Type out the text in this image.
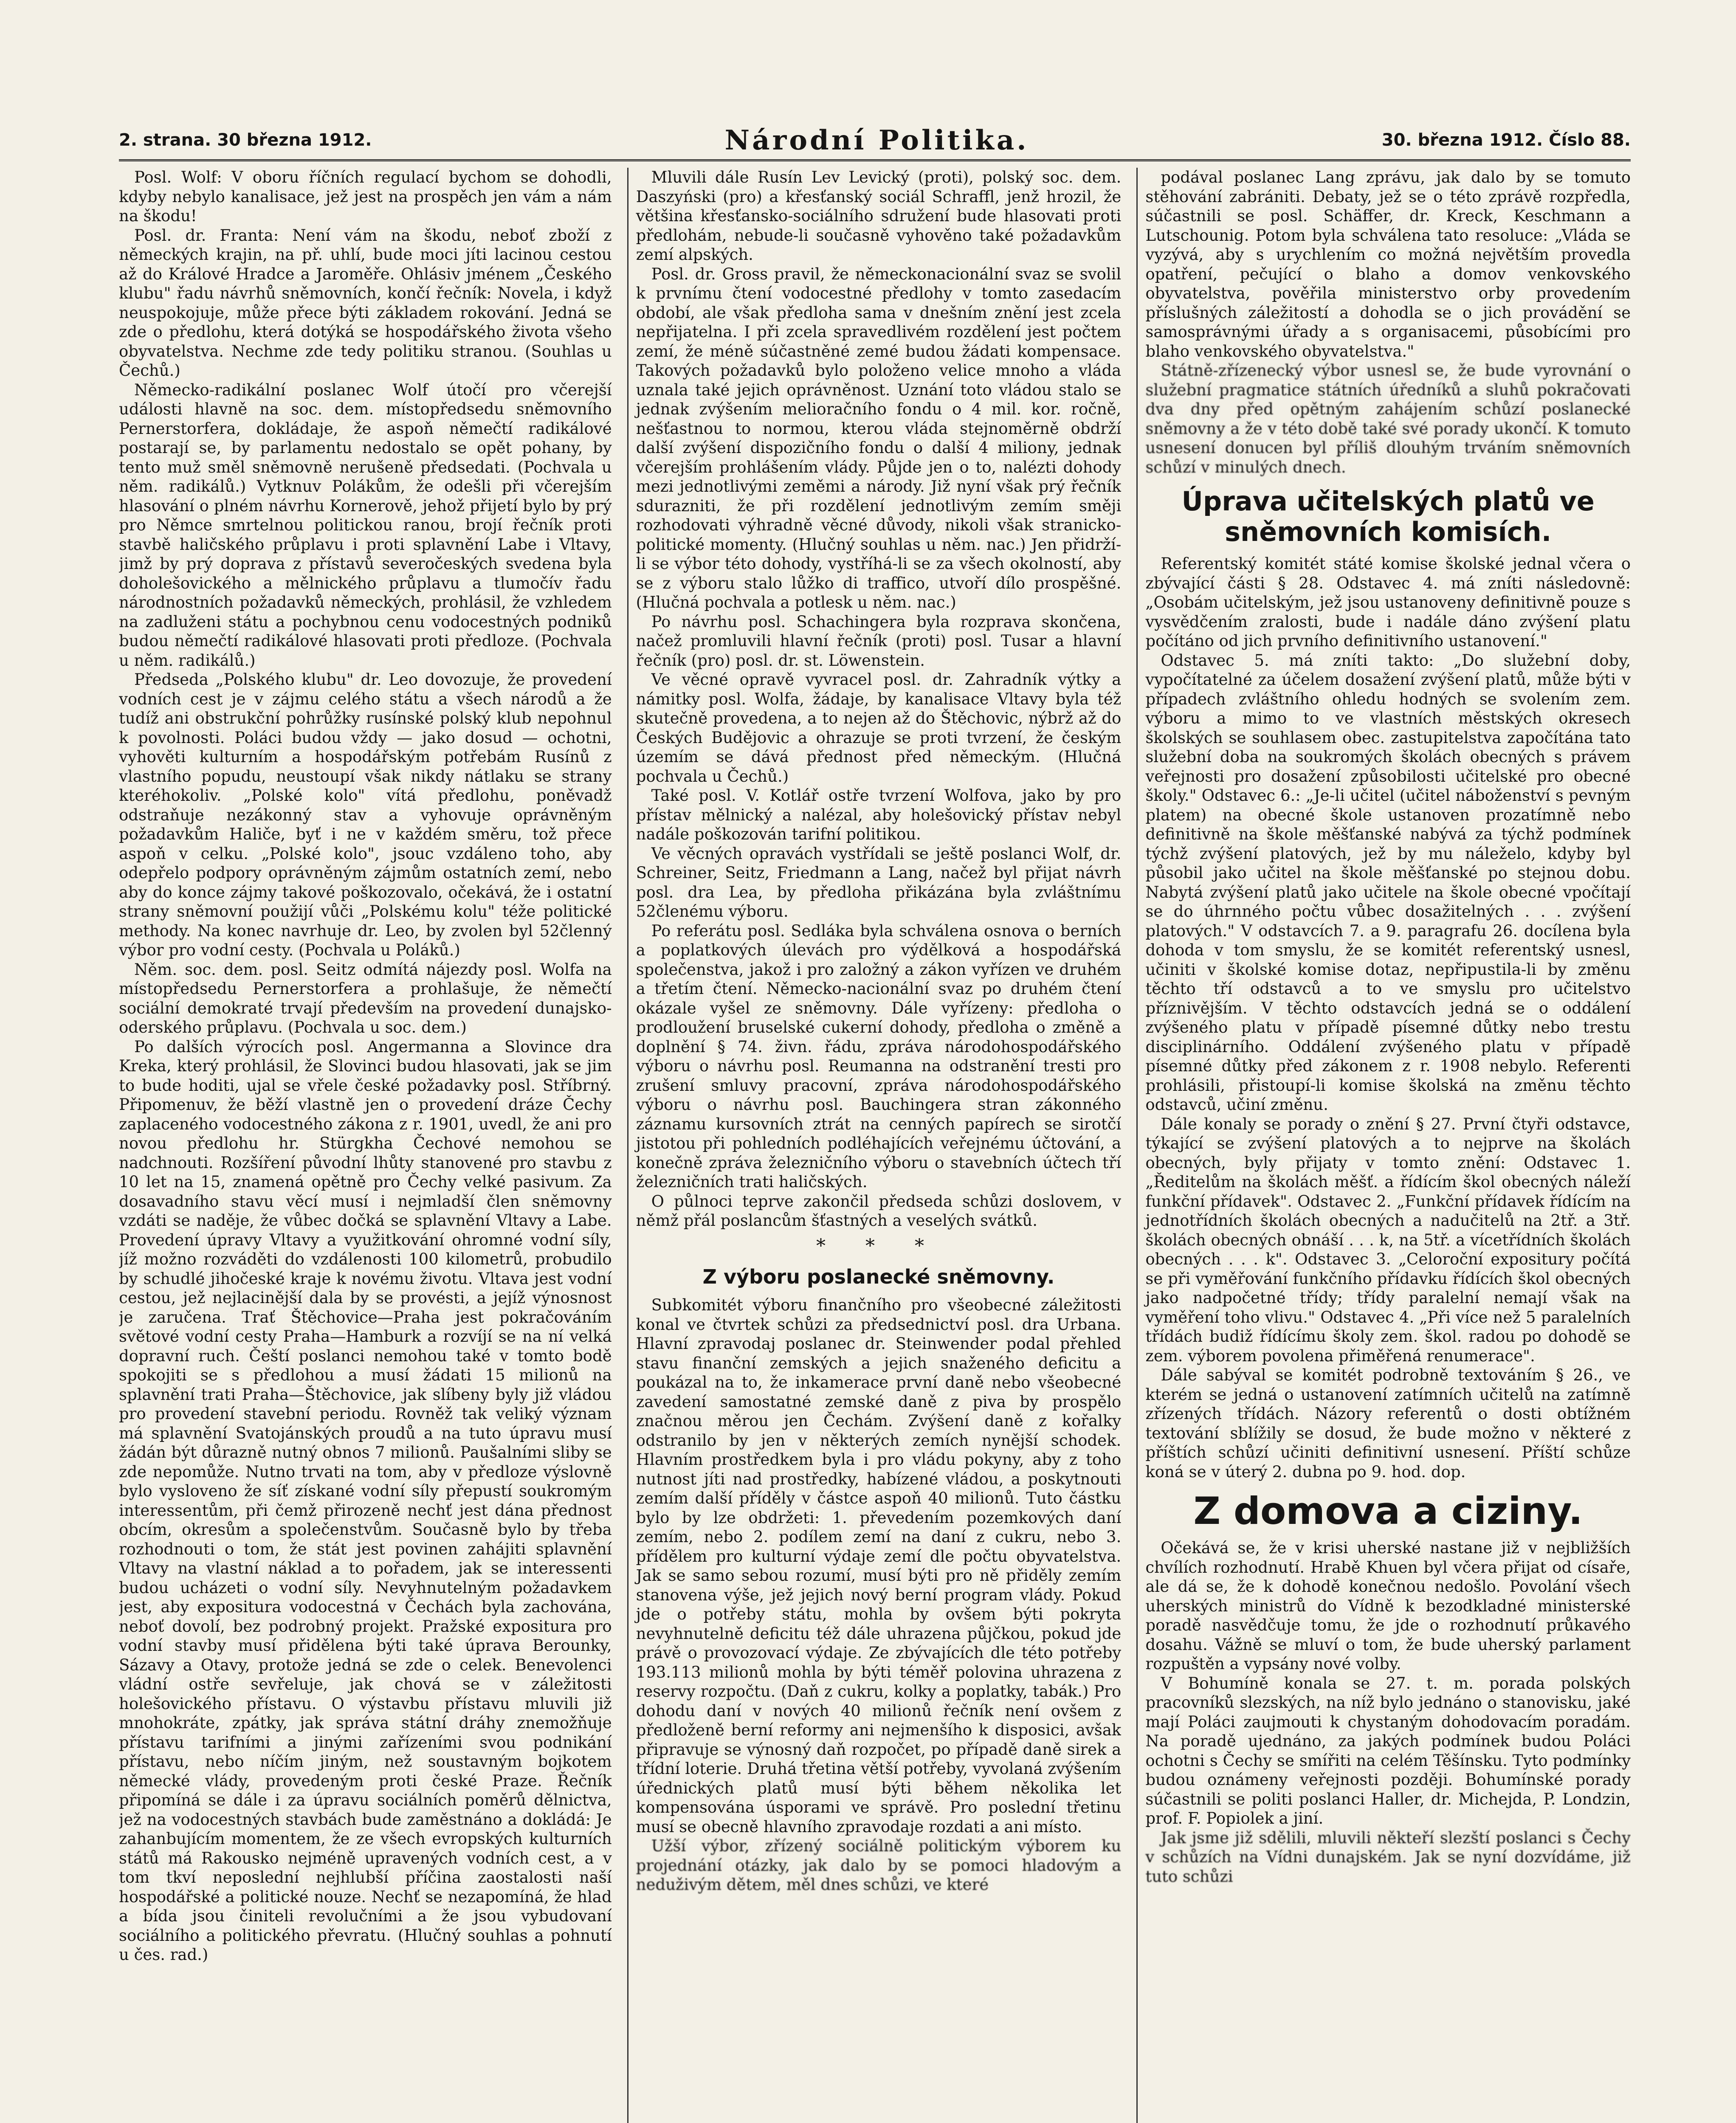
2. strana. 30 března 1912.	Národní Politika.	30. března 1912. Číslo 88.

Posl. Wolf: V oboru říčních regulací bychom se dohodli, kdyby nebylo kanalisace, jež jest na prospěch jen vám a nám na škodu!

Posl. dr. Franta: Není vám na škodu, neboť zboží z německých krajin, na př. uhlí, bude moci jíti lacinou cestou až do Králové Hradce a Jaroměře. Ohlásiv jménem „Českého klubu" řadu návrhů sněmovních, končí řečník: Novela, i když neuspokojuje, může přece býti základem rokování. Jedná se zde o předlohu, která dotýká se hospodářského života všeho obyvatelstva. Nechme zde tedy politiku stranou. (Souhlas u Čechů.)

Německo-radikální poslanec Wolf útočí pro včerejší události hlavně na soc. dem. místopředsedu sněmovního Pernerstorfera, dokládaje, že aspoň němečtí radikálové postarají se, by parlamentu nedostalo se opět pohany, by tento muž směl sněmovně nerušeně předsedati. (Pochvala u něm. radikálů.) Vytknuv Polákům, že odešli při včerejším hlasování o plném návrhu Kornerově, jehož přijetí bylo by prý pro Němce smrtelnou politickou ranou, brojí řečník proti stavbě haličského průplavu i proti splavnění Labe i Vltavy, jimž by prý doprava z přístavů severočeských svedena byla doholešovického a mělnického průplavu a tlumočív řadu národnostních požadavků německých, prohlásil, že vzhledem na zadluženi státu a pochybnou cenu vodocestných podniků budou němečtí radikálové hlasovati proti předloze. (Pochvala u něm. radikálů.)

Předseda „Polského klubu" dr. Leo dovozuje, že provedení vodních cest je v zájmu celého státu a všech národů a že tudíž ani obstrukční pohrůžky rusínské polský klub nepohnul k povolnosti. Poláci budou vždy — jako dosud — ochotni, vyhověti kulturním a hospodářským potřebám Rusínů z vlastního popudu, neustoupí však nikdy nátlaku se strany kteréhokoliv. „Polské kolo" vítá předlohu, poněvadž odstraňuje nezákonný stav a vyhovuje oprávněným požadavkům Haliče, byť i ne v každém směru, tož přece aspoň v celku. „Polské kolo", jsouc vzdáleno toho, aby odepřelo podpory oprávněným zájmům ostatních zemí, nebo aby do konce zájmy takové poškozovalo, očekává, že i ostatní strany sněmovní použijí vůči „Polskému kolu" téže politické methody. Na konec navrhuje dr. Leo, by zvolen byl 52členný výbor pro vodní cesty. (Pochvala u Poláků.)

Něm. soc. dem. posl. Seitz odmítá nájezdy posl. Wolfa na místopředsedu Pernerstorfera a prohlašuje, že němečtí sociální demokraté trvají především na provedení dunajsko-oderského průplavu. (Pochvala u soc. dem.)

Po dalších výrocích posl. Angermanna a Slovince dra Kreka, který prohlásil, že Slovinci budou hlasovati, jak se jim to bude hoditi, ujal se vřele české požadavky posl. Stříbrný. Připomenuv, že běží vlastně jen o provedení dráze Čechy zaplaceného vodocestného zákona z r. 1901, uvedl, že ani pro novou předlohu hr. Stürgkha Čechové nemohou se nadchnouti. Rozšíření původní lhůty stanovené pro stavbu z 10 let na 15, znamená opětně pro Čechy velké pasivum. Za dosavadního stavu věcí musí i nejmladší člen sněmovny vzdáti se naděje, že vůbec dočká se splavnění Vltavy a Labe. Provedení úpravy Vltavy a využitkování ohromné vodní síly, jíž možno rozváděti do vzdálenosti 100 kilometrů, probudilo by schudlé jihočeské kraje k novému životu. Vltava jest vodní cestou, jež nejlacinější dala by se provésti, a jejíž výnosnost je zaručena. Trať Štěchovice—Praha jest pokračováním světové vodní cesty Praha—Hamburk a rozvíjí se na ní velká dopravní ruch. Čeští poslanci nemohou také v tomto bodě spokojiti se s předlohou a musí žádati 15 milionů na splavnění trati Praha—Štěchovice, jak slíbeny byly již vládou pro provedení stavební periodu. Rovněž tak veliký význam má splavnění Svatojánských proudů a na tuto úpravu musí žádán být důrazně nutný obnos 7 milionů. Paušalními sliby se zde nepomůže. Nutno trvati na tom, aby v předloze výslovně bylo vysloveno že síť získané vodní síly přepustí soukromým interessentům, při čemž přirozeně nechť jest dána přednost obcím, okresům a společenstvům. Současně bylo by třeba rozhodnouti o tom, že stát jest povinen zahájiti splavnění Vltavy na vlastní náklad a to pořadem, jak se interessenti budou ucházeti o vodní síly. Nevyhnutelným požadavkem jest, aby expositura vodocestná v Čechách byla zachována, neboť dovolí, bez podrobný projekt. Pražské expositura pro vodní stavby musí přidělena býti také úprava Berounky, Sázavy a Otavy, protože jedná se zde o celek. Benevolenci vládní ostře sevřeluje, jak chová se v záležitosti holešovického přístavu. O výstavbu přístavu mluvili již mnohokráte, zpátky, jak správa státní dráhy znemožňuje přístavu tarifními a jinými zařízeními svou podnikání přístavu, nebo níčím jiným, než soustavným bojkotem německé vlády, provedeným proti české Praze. Řečník připomíná se dále i za úpravu sociálních poměrů dělnictva, jež na vodocestných stavbách bude zaměstnáno a dokládá: Je zahanbujícím momentem, že ze všech evropských kulturních států má Rakousko nejméně upravených vodních cest, a v tom tkví neposlední nejhlubší příčina zaostalosti naší hospodářské a politické nouze. Nechť se nezapomíná, že hlad a bída jsou činiteli revolučními a že jsou vybudovaní sociálního a politického převratu. (Hlučný souhlas a pohnutí u čes. rad.)

Mluvili dále Rusín Lev Levický (proti), polský soc. dem. Daszyński (pro) a křesťanský sociál Schraffl, jenž hrozil, že většina křesťansko-sociálního sdružení bude hlasovati proti předlohám, nebude-li současně vyhověno také požadavkům zemí alpských.

Posl. dr. Gross pravil, že německonacionální svaz se svolil k prvnímu čtení vodocestné předlohy v tomto zasedacím období, ale však předloha sama v dnešním znění jest zcela nepřijatelna. I při zcela spravedlivém rozdělení jest počtem zemí, že méně súčastněné zemé budou žádati kompensace. Takových požadavků bylo položeno velice mnoho a vláda uznala také jejich oprávněnost. Uznání toto vládou stalo se jednak zvýšením melioračního fondu o 4 mil. kor. ročně, nešťastnou to normou, kterou vláda stejnoměrně obdrží další zvýšení dispozičního fondu o další 4 miliony, jednak včerejším prohlášením vlády. Půjde jen o to, nalézti dohody mezi jednotlivými zeměmi a národy. Již nyní však prý řečník sdurazniti, že při rozdělení jednotlivým zemím směji rozhodovati výhradně věcné důvody, nikoli však stranicko-politické momenty. (Hlučný souhlas u něm. nac.) Jen přidrží-li se výbor této dohody, vystříhá-li se za všech okolností, aby se z výboru stalo lůžko di traffico, utvoří dílo prospěšné. (Hlučná pochvala a potlesk u něm. nac.)

Po návrhu posl. Schachingera byla rozprava skončena, načež promluvili hlavní řečník (proti) posl. Tusar a hlavní řečník (pro) posl. dr. st. Löwenstein.

Ve věcné opravě vyvracel posl. dr. Zahradník výtky a námitky posl. Wolfa, žádaje, by kanalisace Vltavy byla též skutečně provedena, a to nejen až do Štěchovic, nýbrž až do Českých Budějovic a ohrazuje se proti tvrzení, že českým územím se dává přednost před německým. (Hlučná pochvala u Čechů.)

Také posl. V. Kotlář ostře tvrzení Wolfova, jako by pro přístav mělnický a nalézal, aby holešovický přístav nebyl nadále poškozován tarifní politikou.

Ve věcných opravách vystřídali se ještě poslanci Wolf, dr. Schreiner, Seitz, Friedmann a Lang, načež byl přijat návrh posl. dra Lea, by předloha přikázána byla zvláštnímu 52členému výboru.

Po referátu posl. Sedláka byla schválena osnova o berních a poplatkových úlevách pro výdělková a hospodářská společenstva, jakož i pro založný a zákon vyřízen ve druhém a třetím čtení. Německo-nacionální svaz po druhém čtení okázale vyšel ze sněmovny. Dále vyřízeny: předloha o prodloužení bruselské cukerní dohody, předloha o změně a doplnění § 74. živn. řádu, zpráva národohospodářského výboru o návrhu posl. Reumanna na odstranění tresti pro zrušení smluvy pracovní, zpráva národohospodářského výboru o návrhu posl. Bauchingera stran zákonného záznamu kursovních ztrát na cenných papírech se sirotčí jistotou při pohledních podléhajících veřejnému účtování, a konečně zpráva železničního výboru o stavebních účtech tří železničních trati haličských.

O půlnoci teprve zakončil předseda schůzi doslovem, v němž přál poslancům šťastných a veselých svátků.

* * *
Z výboru poslanecké sněmovny.

Subkomitét výboru finančního pro všeobecné záležitosti konal ve čtvrtek schůzi za předsednictví posl. dra Urbana. Hlavní zpravodaj poslanec dr. Steinwender podal přehled stavu finanční zemských a jejich snaženého deficitu a poukázal na to, že inkamerace první daně nebo všeobecné zavedení samostatné zemské daně z piva by prospělo značnou měrou jen Čechám. Zvýšení daně z kořalky odstranilo by jen v některých zemích nynější schodek. Hlavním prostředkem byla i pro vládu pokyny, aby z toho nutnost jíti nad prostředky, habízené vládou, a poskytnouti zemím další příděly v částce aspoň 40 milionů. Tuto částku bylo by lze obdržeti: 1. převedením pozemkových daní zemím, nebo 2. podílem zemí na daní z cukru, nebo 3. přídělem pro kulturní výdaje zemí dle počtu obyvatelstva. Jak se samo sebou rozumí, musí býti pro ně přiděly zemím stanovena výše, jež jejich nový berní program vlády. Pokud jde o potřeby státu, mohla by ovšem býti pokryta nevyhnutelně deficitu též dále uhrazena půjčkou, pokud jde právě o provozovací výdaje. Ze zbývajících dle této potřeby 193.113 milionů mohla by býti téměř polovina uhrazena z reservy rozpočtu. (Daň z cukru, kolky a poplatky, tabák.) Pro dohodu daní v nových 40 milionů řečník není ovšem z předloženě berní reformy ani nejmenšího k disposici, avšak připravuje se výnosný daň rozpočet, po případě daně sirek a třídní loterie. Druhá třetina větší potřeby, vyvolaná zvýšením úřednických platů musí býti během několika let kompensována úsporami ve správě. Pro poslední třetinu musí se obecně hlavního zpravodaje rozdati a ani místo.

Užší výbor, zřízený sociálně politickým výborem ku projednání otázky, jak dalo by se pomoci hladovým a neduživým dětem, měl dnes schůzi, ve které

podával poslanec Lang zprávu, jak dalo by se tomuto stěhování zabrániti. Debaty, jež se o této zprávě rozpředla, súčastnili se posl. Schäffer, dr. Kreck, Keschmann a Lutschounig. Potom byla schválena tato resoluce: „Vláda se vyzývá, aby s urychlením co možná největším provedla opatření, pečující o blaho a domov venkovského obyvatelstva, pověřila ministerstvo orby provedením příslušných záležitostí a dohodla se o jich provádění se samosprávnými úřady a s organisacemi, působícími pro blaho venkovského obyvatelstva."

Státně-zřízenecký výbor usnesl se, že bude vyrovnání o služební pragmatice státních úředníků a sluhů pokračovati dva dny před opětným zahájením schůzí poslanecké sněmovny a že v této době také své porady ukončí. K tomuto usnesení donucen byl příliš dlouhým trváním sněmovních schůzí v minulých dnech.

Úprava učitelských platů ve sněmovních komisích.

Referentský komitét státé komise školské jednal včera o zbývající části § 28. Odstavec 4. má zníti následovně: „Osobám učitelským, jež jsou ustanoveny definitivně pouze s vysvědčením zralosti, bude i nadále dáno zvýšení platu počítáno od jich prvního definitivního ustanovení."

Odstavec 5. má zníti takto: „Do služební doby, vypočítatelné za účelem dosažení zvýšení platů, může býti v případech zvláštního ohledu hodných se svolením zem. výboru a mimo to ve vlastních městských okresech školských se souhlasem obec. zastupitelstva započítána tato služební doba na soukromých školách obecných s právem veřejnosti pro dosažení způsobilosti učitelské pro obecné školy." Odstavec 6.: „Je-li učitel (učitel náboženství s pevným platem) na obecné škole ustanoven prozatímně nebo definitivně na škole měšťanské nabývá za týchž podmínek týchž zvýšení platových, jež by mu náleželo, kdyby byl působil jako učitel na škole měšťanské po stejnou dobu. Nabytá zvýšení platů jako učitele na škole obecné vpočítají se do úhrnného počtu vůbec dosažitelných . . . zvýšení platových." V odstavcích 7. a 9. paragrafu 26. docílena byla dohoda v tom smyslu, že se komitét referentský usnesl, učiniti v školské komise dotaz, nepřipustila-li by změnu těchto tří odstavců a to ve smyslu pro učitelstvo příznivějším. V těchto odstavcích jedná se o oddálení zvýšeného platu v případě písemné důtky nebo trestu disciplinárního. Oddálení zvýšeného platu v případě písemné důtky před zákonem z r. 1908 nebylo. Referenti prohlásili, přistoupí-li komise školská na změnu těchto odstavců, učiní změnu.

Dále konaly se porady o znění § 27. První čtyři odstavce, týkající se zvýšení platových a to nejprve na školách obecných, byly přijaty v tomto znění: Odstavec 1. „Ředitelům na školách měšť. a řídícím škol obecných náleží funkční přídavek". Odstavec 2. „Funkční přídavek řídícím na jednotřídních školách obecných a nadučitelů na 2tř. a 3tř. školách obecných obnáší . . . k, na 5tř. a vícetřídních školách obecných . . . k". Odstavec 3. „Celoroční expositury počítá se při vyměřování funkčního přídavku řídících škol obecných jako nadpočetné třídy; třídy paralelní nemají však na vyměření toho vlivu." Odstavec 4. „Při více než 5 paralelních třídách budiž řídícímu školy zem. škol. radou po dohodě se zem. výborem povolena přiměřená renumerace".

Dále sabýval se komitét podrobně textováním § 26., ve kterém se jedná o ustanovení zatímních učitelů na zatímně zřízených třídách. Názory referentů o dosti obtížném textování sblížily se dosud, že bude možno v některé z příštích schůzí učiniti definitivní usnesení. Příští schůze koná se v úterý 2. dubna po 9. hod. dop.

Z domova a ciziny.

Očekává se, že v krisi uherské nastane již v nejbližších chvílích rozhodnutí. Hrabě Khuen byl včera přijat od císaře, ale dá se, že k dohodě konečnou nedošlo. Povolání všech uherských ministrů do Vídně k bezodkladné ministerské poradě nasvědčuje tomu, že jde o rozhodnutí průkavého dosahu. Vážně se mluví o tom, že bude uherský parlament rozpuštěn a vypsány nové volby.

V Bohumíně konala se 27. t. m. porada polských pracovníků slezských, na níž bylo jednáno o stanovisku, jaké mají Poláci zaujmouti k chystaným dohodovacím poradám. Na poradě ujednáno, za jakých podmínek budou Poláci ochotni s Čechy se smířiti na celém Těšínsku. Tyto podmínky budou oznámeny veřejnosti později. Bohumínské porady súčastnili se politi poslanci Haller, dr. Michejda, P. Londzin, prof. F. Popiolek a jiní.

Jak jsme již sdělili, mluvili někteří slezští poslanci s Čechy v schůzích na Vídni dunajském. Jak se nyní dozvídáme, již tuto schůzi
